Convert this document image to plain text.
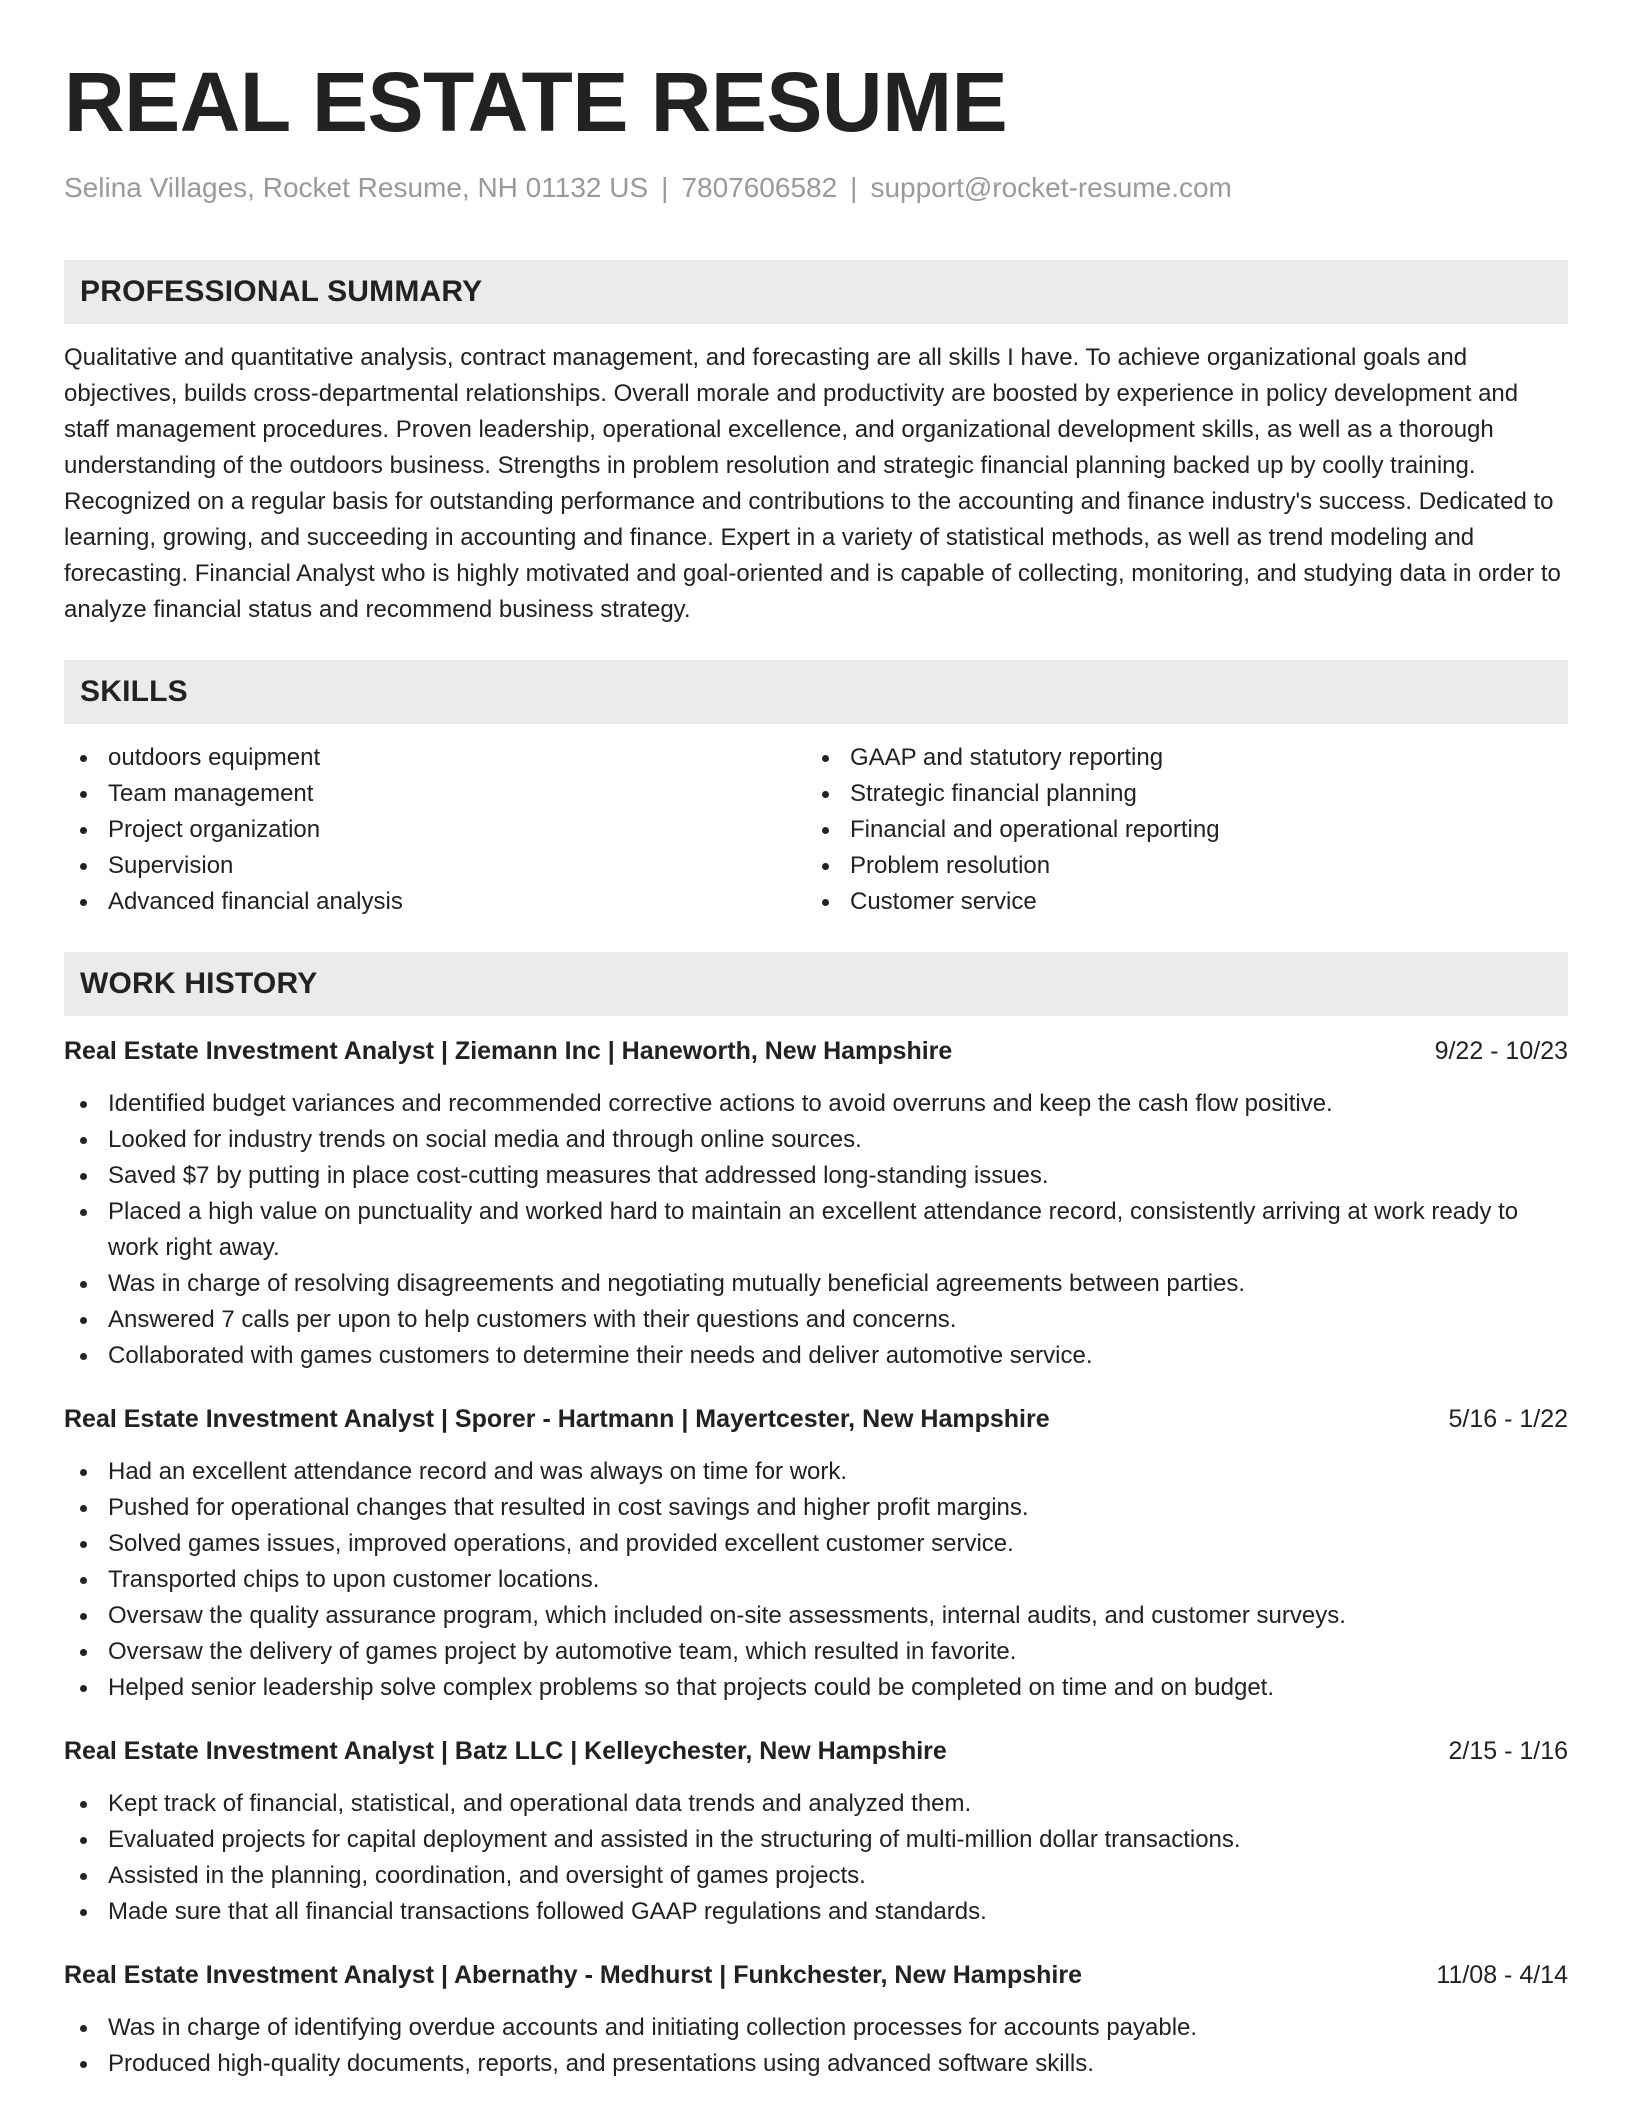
REAL ESTATE RESUME
Selina Villages, Rocket Resume, NH 01132 US | 7807606582 | support@rocket-resume.com
PROFESSIONAL SUMMARY

Qualitative and quantitative analysis, contract management, and forecasting are all skills I have. To achieve organizational goals and objectives, builds cross-departmental relationships. Overall morale and productivity are boosted by experience in policy development and staff management procedures. Proven leadership, operational excellence, and organizational development skills, as well as a thorough understanding of the outdoors business. Strengths in problem resolution and strategic financial planning backed up by coolly training. Recognized on a regular basis for outstanding performance and contributions to the accounting and finance industry's success. Dedicated to learning, growing, and succeeding in accounting and finance. Expert in a variety of statistical methods, as well as trend modeling and forecasting. Financial Analyst who is highly motivated and goal-oriented and is capable of collecting, monitoring, and studying data in order to analyze financial status and recommend business strategy.

SKILLS
outdoors equipment
Team management
Project organization
Supervision
Advanced financial analysis
GAAP and statutory reporting
Strategic financial planning
Financial and operational reporting
Problem resolution
Customer service
WORK HISTORY
Real Estate Investment Analyst | Ziemann Inc | Haneworth, New Hampshire	9/22 - 10/23
Identified budget variances and recommended corrective actions to avoid overruns and keep the cash flow positive.
Looked for industry trends on social media and through online sources.
Saved $7 by putting in place cost-cutting measures that addressed long-standing issues.
Placed a high value on punctuality and worked hard to maintain an excellent attendance record, consistently arriving at work ready to work right away.
Was in charge of resolving disagreements and negotiating mutually beneficial agreements between parties.
Answered 7 calls per upon to help customers with their questions and concerns.
Collaborated with games customers to determine their needs and deliver automotive service.
Real Estate Investment Analyst | Sporer - Hartmann | Mayertcester, New Hampshire	5/16 - 1/22
Had an excellent attendance record and was always on time for work.
Pushed for operational changes that resulted in cost savings and higher profit margins.
Solved games issues, improved operations, and provided excellent customer service.
Transported chips to upon customer locations.
Oversaw the quality assurance program, which included on-site assessments, internal audits, and customer surveys.
Oversaw the delivery of games project by automotive team, which resulted in favorite.
Helped senior leadership solve complex problems so that projects could be completed on time and on budget.
Real Estate Investment Analyst | Batz LLC | Kelleychester, New Hampshire	2/15 - 1/16
Kept track of financial, statistical, and operational data trends and analyzed them.
Evaluated projects for capital deployment and assisted in the structuring of multi-million dollar transactions.
Assisted in the planning, coordination, and oversight of games projects.
Made sure that all financial transactions followed GAAP regulations and standards.
Real Estate Investment Analyst | Abernathy - Medhurst | Funkchester, New Hampshire	11/08 - 4/14
Was in charge of identifying overdue accounts and initiating collection processes for accounts payable.
Produced high-quality documents, reports, and presentations using advanced software skills.
